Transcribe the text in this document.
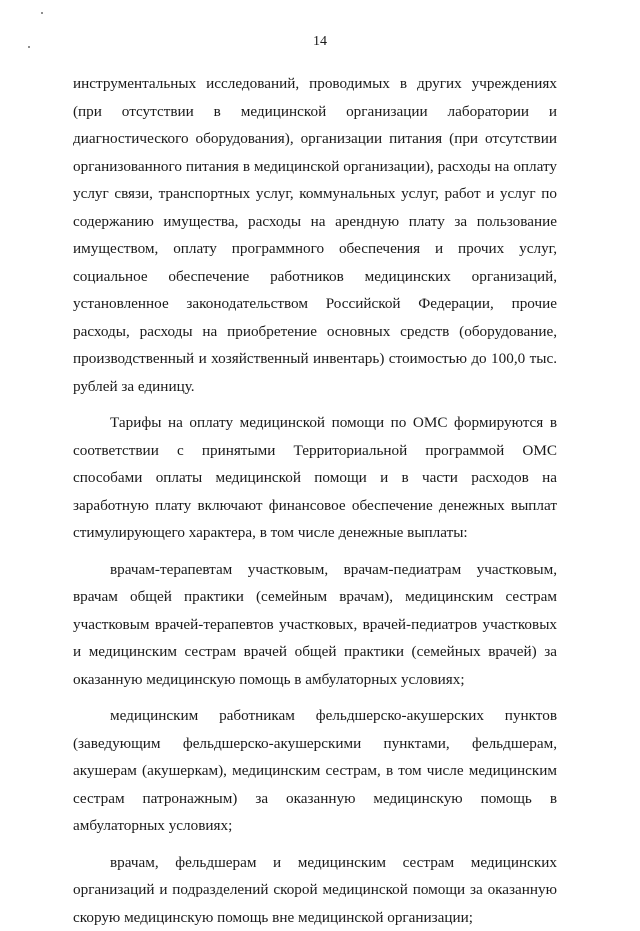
14

инструментальных исследований, проводимых в других учреждениях (при отсутствии в медицинской организации лаборатории и диагностического оборудования), организации питания (при отсутствии организованного питания в медицинской организации), расходы на оплату услуг связи, транспортных услуг, коммунальных услуг, работ и услуг по содержанию имущества, расходы на арендную плату за пользование имуществом, оплату программного обеспечения и прочих услуг, социальное обеспечение работников медицинских организаций, установленное законодательством Российской Федерации, прочие расходы, расходы на приобретение основных средств (оборудование, производственный и хозяйственный инвентарь) стоимостью до 100,0 тыс. рублей за единицу.

Тарифы на оплату медицинской помощи по ОМС формируются в соответствии с принятыми Территориальной программой ОМС способами оплаты медицинской помощи и в части расходов на заработную плату включают финансовое обеспечение денежных выплат стимулирующего характера, в том числе денежные выплаты:

врачам-терапевтам участковым, врачам-педиатрам участковым, врачам общей практики (семейным врачам), медицинским сестрам участковым врачей-терапевтов участковых, врачей-педиатров участковых и медицинским сестрам врачей общей практики (семейных врачей) за оказанную медицинскую помощь в амбулаторных условиях;

медицинским работникам фельдшерско-акушерских пунктов (заведующим фельдшерско-акушерскими пунктами, фельдшерам, акушерам (акушеркам), медицинским сестрам, в том числе медицинским сестрам патронажным) за оказанную медицинскую помощь в амбулаторных условиях;

врачам, фельдшерам и медицинским сестрам медицинских организаций и подразделений скорой медицинской помощи за оказанную скорую медицинскую помощь вне медицинской организации;
